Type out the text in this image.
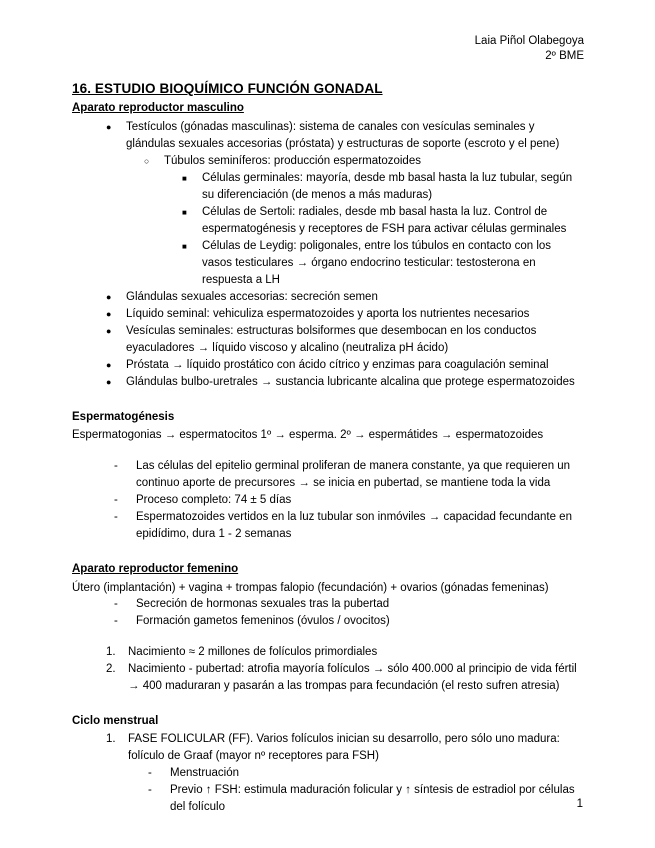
Laia Piñol Olabegoya
2º BME
16. ESTUDIO BIOQUÍMICO FUNCIÓN GONADAL
Aparato reproductor masculino
●	Testículos (gónadas masculinas): sistema de canales con vesículas seminales y glándulas sexuales accesorias (próstata) y estructuras de soporte (escroto y el pene)
○	Túbulos seminíferos: producción espermatozoides
■	Células germinales: mayoría, desde mb basal hasta la luz tubular, según su diferenciación (de menos a más maduras)
■	Células de Sertoli: radiales, desde mb basal hasta la luz. Control de espermatogénesis y receptores de FSH para activar células germinales
■	Células de Leydig: poligonales, entre los túbulos en contacto con los vasos testiculares → órgano endocrino testicular: testosterona en respuesta a LH
●	Glándulas sexuales accesorias: secreción semen
●	Líquido seminal: vehiculiza espermatozoides y aporta los nutrientes necesarios
●	Vesículas seminales: estructuras bolsiformes que desembocan en los conductos eyaculadores → líquido viscoso y alcalino (neutraliza pH ácido)
●	Próstata → líquido prostático con ácido cítrico y enzimas para coagulación seminal
●	Glándulas bulbo-uretrales → sustancia lubricante alcalina que protege espermatozoides
Espermatogénesis

Espermatogonias → espermatocitos 1º → esperma. 2º → espermátides → espermatozoides

-	Las células del epitelio germinal proliferan de manera constante, ya que requieren un continuo aporte de precursores → se inicia en pubertad, se mantiene toda la vida
-	Proceso completo: 74 ± 5 días
-	Espermatozoides vertidos en la luz tubular son inmóviles → capacidad fecundante en epidídimo, dura 1 - 2 semanas
Aparato reproductor femenino

Útero (implantación) + vagina + trompas falopio (fecundación) + ovarios (gónadas femeninas)

-	Secreción de hormonas sexuales tras la pubertad
-	Formación gametos femeninos (óvulos / ovocitos)
1.	Nacimiento ≈ 2 millones de folículos primordiales
2.	Nacimiento - pubertad: atrofia mayoría folículos → sólo 400.000 al principio de vida fértil → 400 maduraran y pasarán a las trompas para fecundación (el resto sufren atresia)
Ciclo menstrual
1.	FASE FOLICULAR (FF). Varios folículos inician su desarrollo, pero sólo uno madura: folículo de Graaf (mayor nº receptores para FSH)
-	Menstruación
-	Previo ↑ FSH: estimula maduración folicular y ↑ síntesis de estradiol por células del folículo	1
